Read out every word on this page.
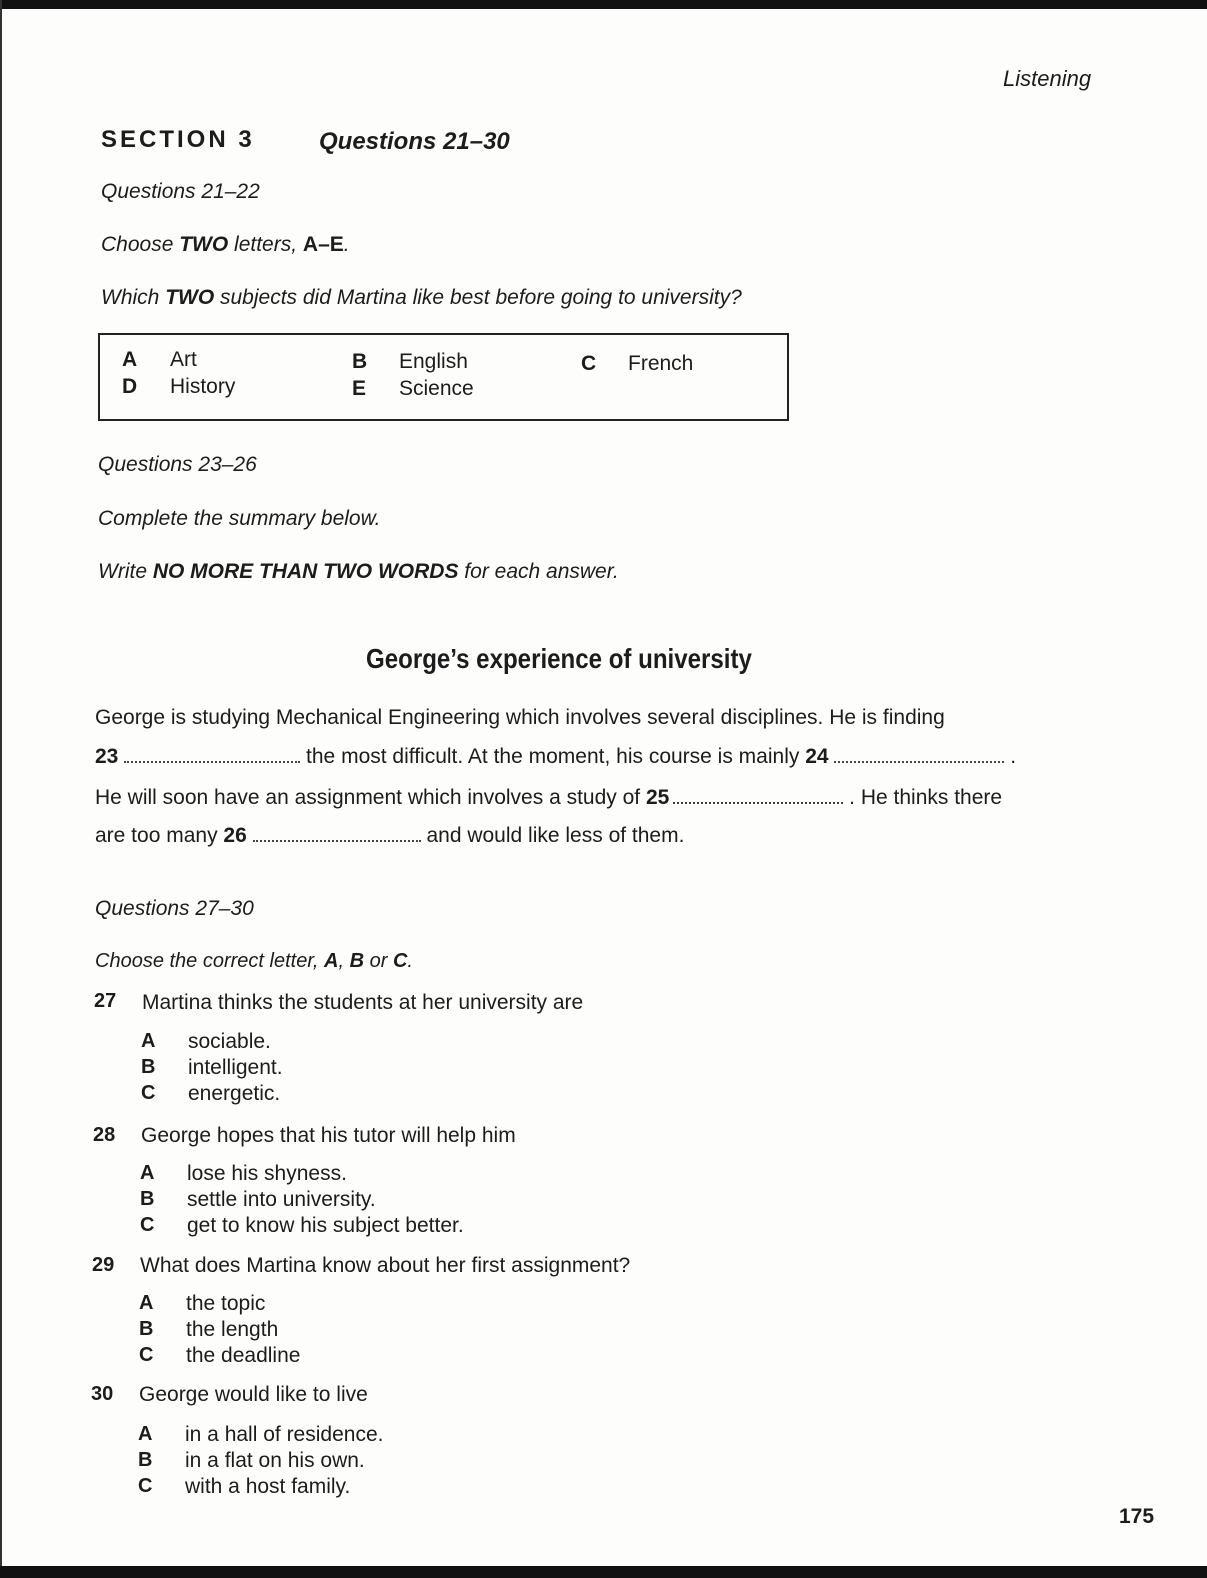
Listening
SECTION 3	Questions 21–30
Questions 21–22
Choose TWO letters, A–E.
Which TWO subjects did Martina like best before going to university?
A Art	B English	C French
D History	E Science
Questions 23–26
Complete the summary below.
Write NO MORE THAN TWO WORDS for each answer.
George’s experience of university
George is studying Mechanical Engineering which involves several disciplines. He is finding
23	the most difficult. At the moment, his course is mainly 24	.
He will soon have an assignment which involves a study of 25	. He thinks there
are too many 26	and would like less of them.
Questions 27–30
Choose the correct letter, A, B or C.
27 Martina thinks the students at her university are
A sociable.
B intelligent.
C energetic.
28 George hopes that his tutor will help him
A lose his shyness.
B settle into university.
C get to know his subject better.
29 What does Martina know about her first assignment?
A the topic
B the length
C the deadline
30 George would like to live
A in a hall of residence.
B in a flat on his own.
C with a host family.
175
